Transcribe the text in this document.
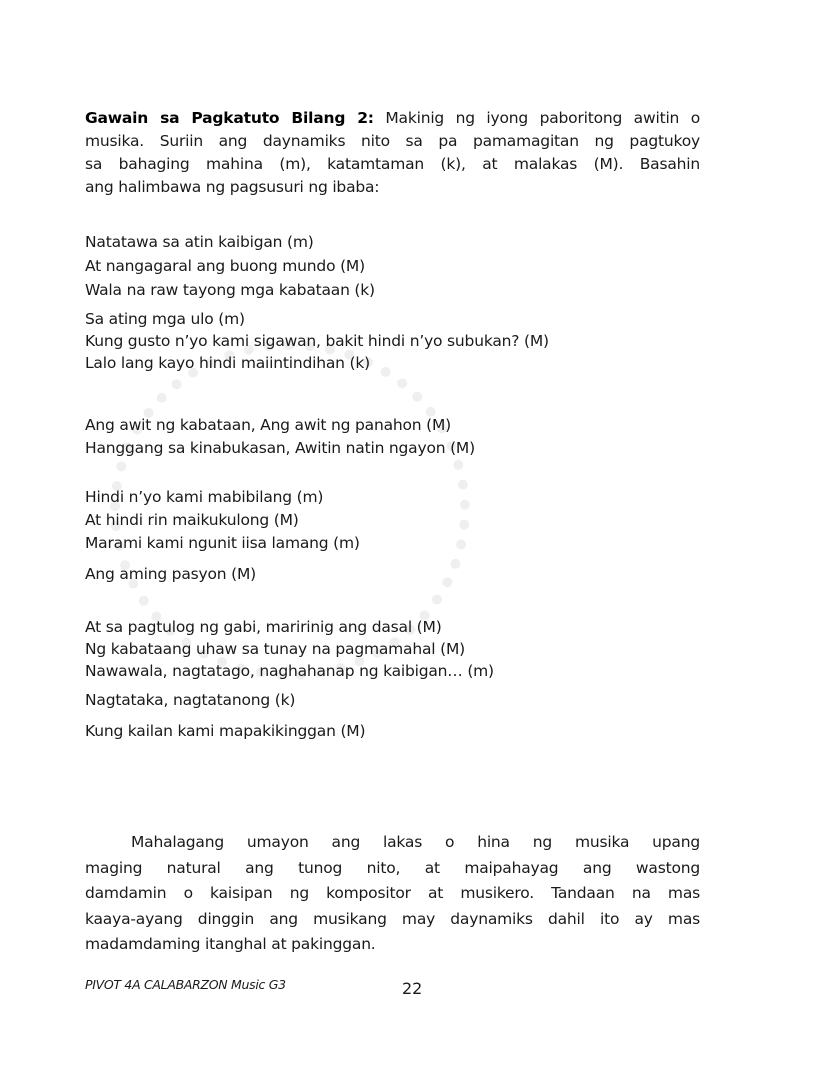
Gawain sa Pagkatuto Bilang 2: Makinig ng iyong paboritong awitin o
musika. Suriin ang daynamiks nito sa pa pamamagitan ng pagtukoy
sa bahaging mahina (m), katamtaman (k), at malakas (M). Basahin
ang halimbawa ng pagsusuri ng ibaba:
Natatawa sa atin kaibigan (m)
At nangagaral ang buong mundo (M)
Wala na raw tayong mga kabataan (k)
Sa ating mga ulo (m)
Kung gusto n’yo kami sigawan, bakit hindi n’yo subukan? (M)
Lalo lang kayo hindi maiintindihan (k)
Ang awit ng kabataan, Ang awit ng panahon (M)
Hanggang sa kinabukasan, Awitin natin ngayon (M)
Hindi n’yo kami mabibilang (m)
At hindi rin maikukulong (M)
Marami kami ngunit iisa lamang (m)
Ang aming pasyon (M)
At sa pagtulog ng gabi, maririnig ang dasal (M)
Ng kabataang uhaw sa tunay na pagmamahal (M)
Nawawala, nagtatago, naghahanap ng kaibigan… (m)
Nagtataka, nagtatanong (k)
Kung kailan kami mapakikinggan (M)
Mahalagang umayon ang lakas o hina ng musika upang
maging natural ang tunog nito, at maipahayag ang wastong
damdamin o kaisipan ng kompositor at musikero. Tandaan na mas
kaaya-ayang dinggin ang musikang may daynamiks dahil ito ay mas
madamdaming itanghal at pakinggan.
PIVOT 4A CALABARZON Music G3	22
